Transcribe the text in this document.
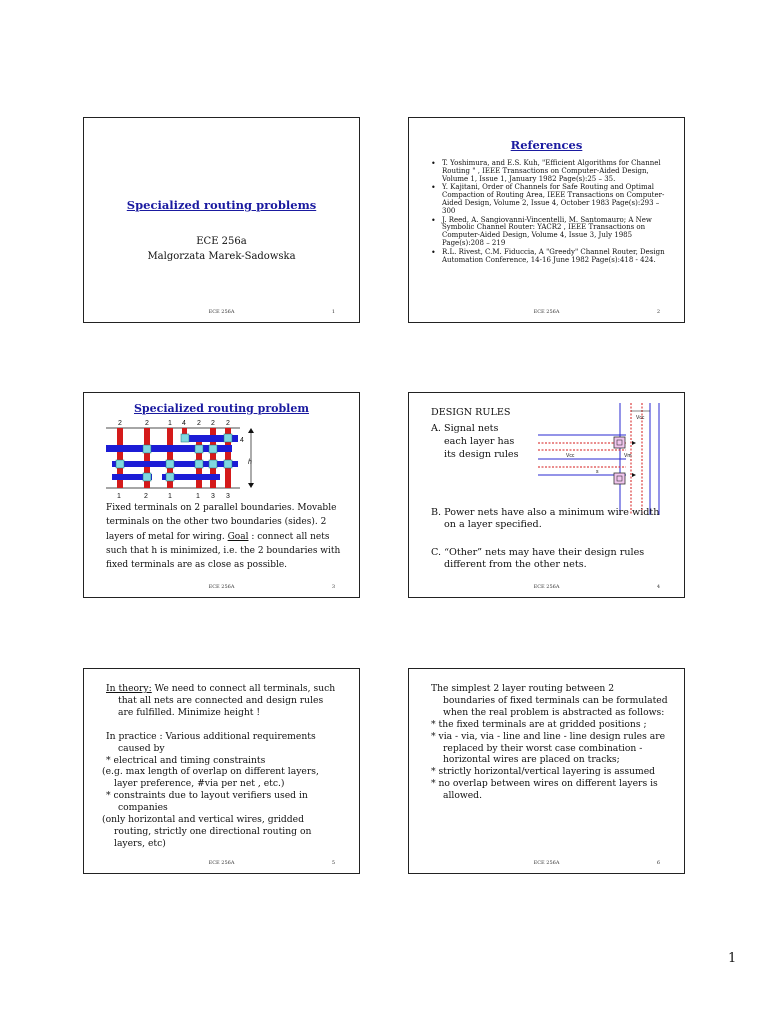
Specialized routing problems
ECE 256a
Malgorzata Marek-Sadowska
ECE 256A	1
References
• T. Yoshimura, and E.S. Kuh, "Efficient Algorithms for Channel Routing " , IEEE Transactions on Computer-Aided Design, Volume 1, Issue 1, January 1982 Page(s):25 – 35.
• Y. Kajitani, Order of Channels for Safe Routing and Optimal Compaction of Routing Area, IEEE Transactions on Computer-Aided Design, Volume 2, Issue 4, October 1983 Page(s):293 – 300
• J. Reed, A. Sangiovanni-Vincentelli, M. Santomauro; A New Symbolic Channel Router: YACR2 , IEEE Transactions on Computer-Aided Design, Volume 4, Issue 3, July 1985 Page(s):208 – 219
• R.L. Rivest, C.M. Fiduccia, A "Greedy" Channel Router, Design Automation Conference, 14-16 June 1982 Page(s):418 - 424.
ECE 256A	2
Specialized routing problem
2	2	1 4 2 2 2
1	2	1	1 3 3
4
h
Fixed terminals on 2 parallel boundaries. Movable terminals on the other two boundaries (sides). 2 layers of metal for wiring. Goal : connect all nets such that h is minimized, i.e. the 2 boundaries with fixed terminals are as close as possible.
ECE 256A	3
DESIGN RULES
A. Signal nets
each layer has
its design rules
Vcc
Vcc	Vm
s
B. Power nets have also a minimum wire width
on a layer specified.
C. “Other” nets may have their design rules
different from the other nets.
ECE 256A	4

In theory: We need to connect all terminals, such that all nets are connected and design rules are fulfilled. Minimize height !

In practice : Various additional requirements caused by

* electrical and timing constraints

(e.g. max length of overlap on different layers, layer preference, #via per net , etc.)

* constraints due to layout verifiers used in companies

(only horizontal and vertical wires, gridded routing, strictly one directional routing on layers, etc)

ECE 256A	5

The simplest 2 layer routing between 2 boundaries of fixed terminals can be formulated when the real problem is abstracted as follows:

* the fixed terminals are at gridded positions ;

* via - via, via - line and line - line design rules are replaced by their worst case combination - horizontal wires are placed on tracks;

* strictly horizontal/vertical layering is assumed

* no overlap between wires on different layers is allowed.

ECE 256A	6
1
